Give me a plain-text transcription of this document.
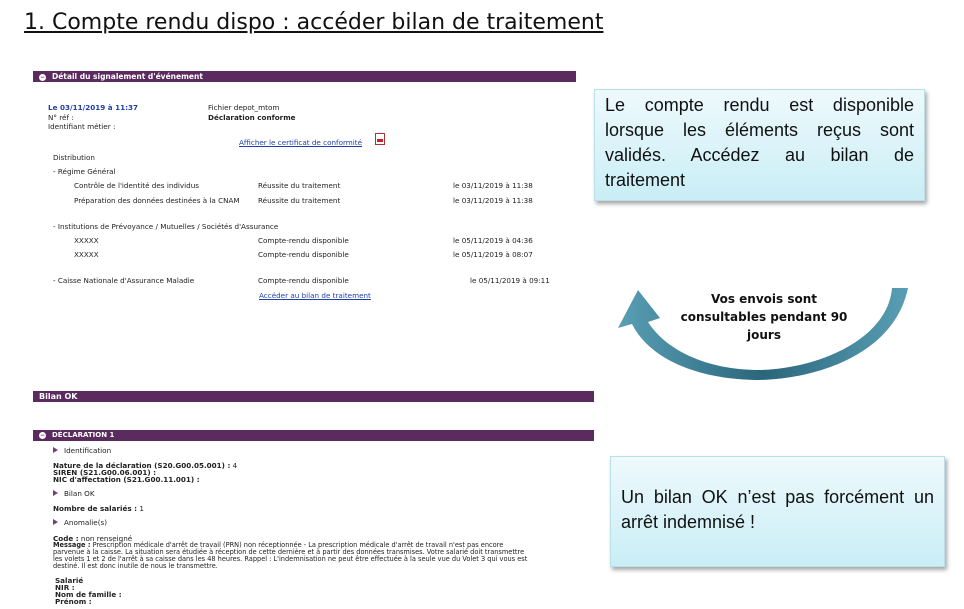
1. Compte rendu dispo : accéder bilan de traitement
− Détail du signalement d'événement
Le 03/11/2019 à 11:37	Fichier depot_mtom
N° réf :	Déclaration conforme
Identifiant métier :
Afficher le certificat de conformité
Distribution
- Régime Général
Contrôle de l'identité des individus	Réussite du traitement	le 03/11/2019 à 11:38
Préparation des données destinées à la CNAM	Réussite du traitement	le 03/11/2019 à 11:38
- Institutions de Prévoyance / Mutuelles / Sociétés d'Assurance
XXXXX	Compte-rendu disponible	le 05/11/2019 à 04:36
XXXXX	Compte-rendu disponible	le 05/11/2019 à 08:07
- Caisse Nationale d'Assurance Maladie	Compte-rendu disponible	le 05/11/2019 à 09:11
Accéder au bilan de traitement
Le compte rendu est disponible lorsque les éléments reçus sont validés. Accédez au bilan de traitement
Vos envois sont consultables pendant 90 jours
Bilan OK
− DÉCLARATION 1
Identification
Nature de la déclaration (S20.G00.05.001) : 4
SIREN (S21.G00.06.001) :
NIC d'affectation (S21.G00.11.001) :
Bilan OK
Nombre de salariés : 1
Anomalie(s)
Code : non renseigné
Message : Prescription médicale d'arrêt de travail (PRN) non réceptionnée - La prescription médicale d'arrêt de travail n'est pas encore
parvenue à la caisse. La situation sera étudiée à réception de cette dernière et à partir des données transmises. Votre salarié doit transmettre
les volets 1 et 2 de l'arrêt à sa caisse dans les 48 heures. Rappel : L'indemnisation ne peut être effectuée à la seule vue du Volet 3 qui vous est
destiné. Il est donc inutile de nous le transmettre.
Salarié
NIR :
Nom de famille :
Prénom :
Un bilan OK n’est pas forcément un arrêt indemnisé !
